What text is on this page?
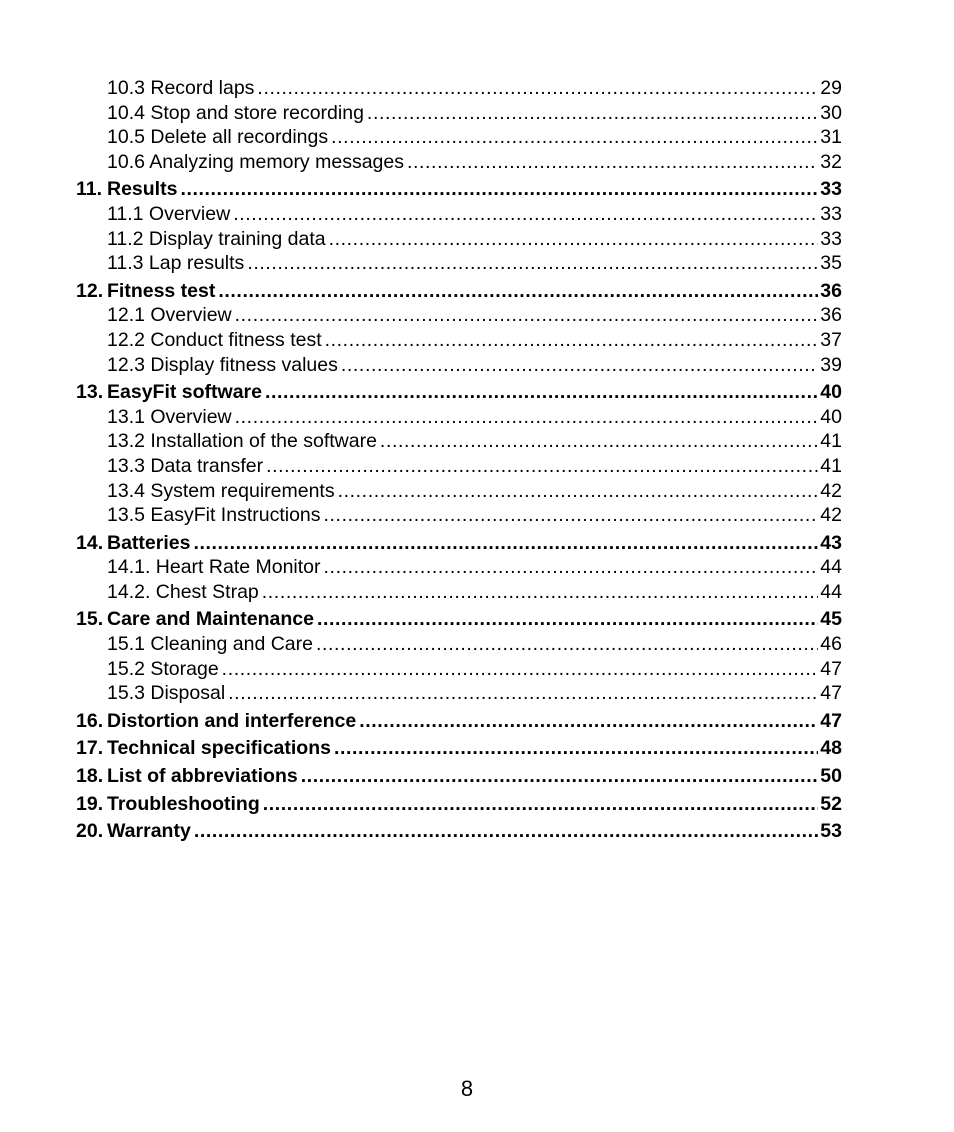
10.3 Record laps .....	29
10.4 Stop and store recording .....	30
10.5 Delete all recordings .....	31
10.6 Analyzing memory messages .....	32
11. Results .....	33
11.1 Overview .....	33
11.2 Display training data .....	33
11.3 Lap results .....	35
12. Fitness test .....	36
12.1 Overview .....	36
12.2 Conduct fitness test .....	37
12.3 Display fitness values .....	39
13. EasyFit software .....	40
13.1 Overview .....	40
13.2 Installation of the software .....	41
13.3 Data transfer .....	41
13.4 System requirements .....	42
13.5 EasyFit Instructions .....	42
14. Batteries .....	43
14.1. Heart Rate Monitor .....	44
14.2. Chest Strap .....	44
15. Care and Maintenance .....	45
15.1 Cleaning and Care .....	46
15.2 Storage .....	47
15.3 Disposal .....	47
16. Distortion and interference .....	47
17. Technical specifications .....	48
18. List of abbreviations .....	50
19. Troubleshooting .....	52
20. Warranty .....	53
8
